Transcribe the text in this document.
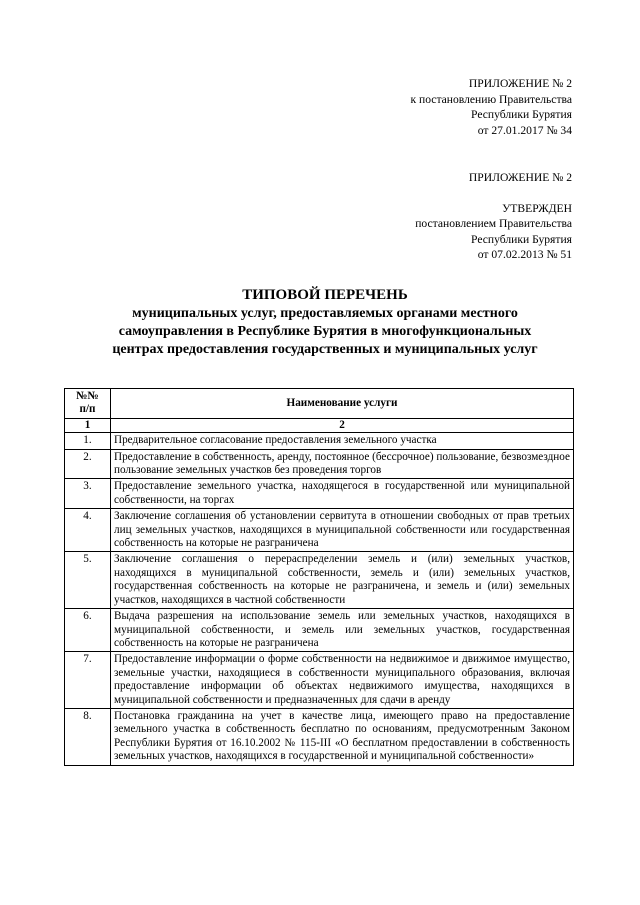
ПРИЛОЖЕНИЕ № 2
к постановлению Правительства
Республики Бурятия
от 27.01.2017 № 34
ПРИЛОЖЕНИЕ № 2
УТВЕРЖДЕН
постановлением Правительства
Республики Бурятия
от 07.02.2013 № 51
ТИПОВОЙ ПЕРЕЧЕНЬ
муниципальных услуг, предоставляемых органами местного
самоуправления в Республике Бурятия в многофункциональных
центрах предоставления государственных и муниципальных услуг
№№
п/п	Наименование услуги
1	2
1.	Предварительное согласование предоставления земельного участка
2.	Предоставление в собственность, аренду, постоянное (бессрочное) пользование, безвозмездное пользование земельных участков без проведения торгов
3.	Предоставление земельного участка, находящегося в государственной или муниципальной собственности, на торгах
4.	Заключение соглашения об установлении сервитута в отношении свободных от прав третьих лиц земельных участков, находящихся в муниципальной собственности или государственная собственность на которые не разграничена
5.	Заключение соглашения о перераспределении земель и (или) земельных участков, находящихся в муниципальной собственности, земель и (или) земельных участков, государственная собственность на которые не разграничена, и земель и (или) земельных участков, находящихся в частной собственности
6.	Выдача разрешения на использование земель или земельных участков, находящихся в муниципальной собственности, и земель или земельных участков, государственная собственность на которые не разграничена
7.	Предоставление информации о форме собственности на недвижимое и движимое имущество, земельные участки, находящиеся в собственности муниципального образования, включая предоставление информации об объектах недвижимого имущества, находящихся в муниципальной собственности и предназначенных для сдачи в аренду
8.	Постановка гражданина на учет в качестве лица, имеющего право на предоставление земельного участка в собственность бесплатно по основаниям, предусмотренным Законом Республики Бурятия от 16.10.2002 № 115-III «О бесплатном предоставлении в собственность земельных участков, находящихся в государственной и муниципальной собственности»
